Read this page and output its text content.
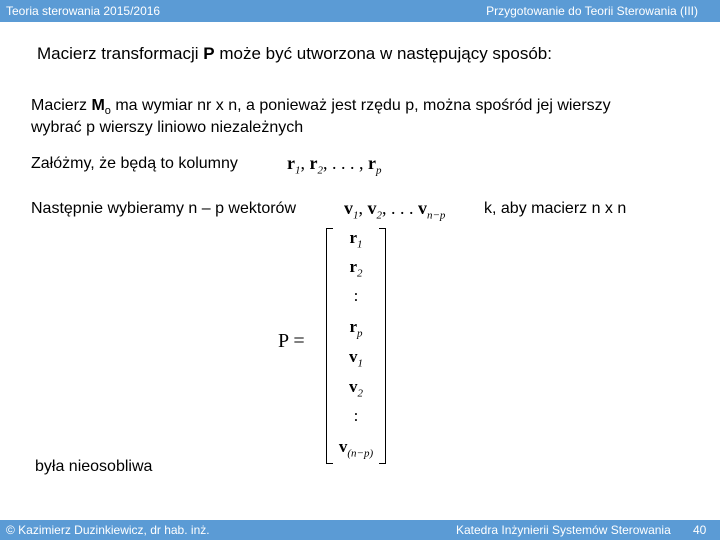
Teoria sterowania 2015/2016	Przygotowanie do Teorii Sterowania (III)
Macierz transformacji P może być utworzona w następujący sposób:
Macierz $M_o$ ma wymiar nr x n, a ponieważ jest rzędu p, można spośród jej wierszy
wybrać p wierszy liniowo niezależnych
Załóżmy, że będą to kolumny	$r_1$, $r_2$, . . . , $r_p$
Następnie wybieramy n – p wektorów	$v_1$, $v_2$, . . . $v_{n-p}$ k, aby macierz n x n
P =
$r_1$
$r_2$
:
$r_p$
$v_1$
$v_2$
:
$v_{(n-p)}$
była nieosobliwa
© Kazimierz Duzinkiewicz, dr hab. inż.	Katedra Inżynierii Systemów Sterowania 40
